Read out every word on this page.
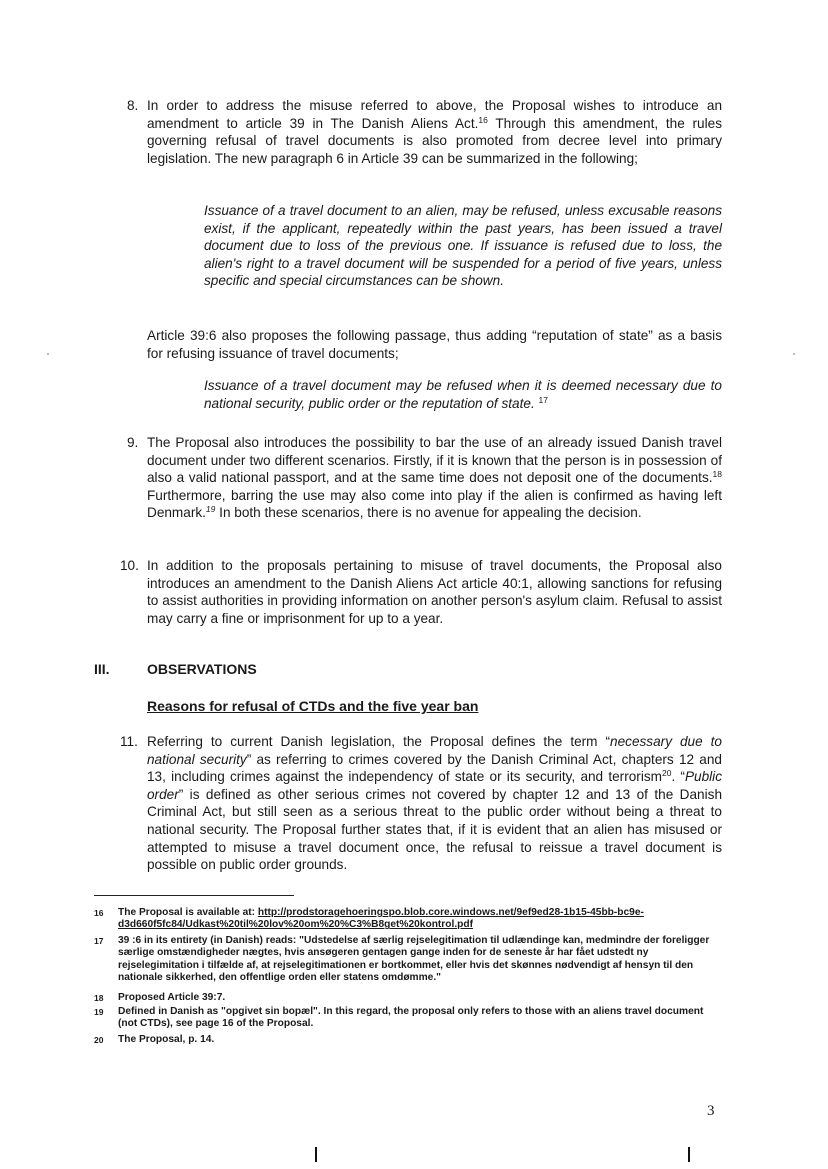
8. In order to address the misuse referred to above, the Proposal wishes to introduce an amendment to article 39 in The Danish Aliens Act.$^{16}$ Through this amendment, the rules governing refusal of travel documents is also promoted from decree level into primary legislation. The new paragraph 6 in Article 39 can be summarized in the following;
Issuance of a travel document to an alien, may be refused, unless excusable reasons exist, if the applicant, repeatedly within the past years, has been issued a travel document due to loss of the previous one. If issuance is refused due to loss, the alien's right to a travel document will be suspended for a period of five years, unless specific and special circumstances can be shown.
Article 39:6 also proposes the following passage, thus adding “reputation of state” as a basis for refusing issuance of travel documents;
Issuance of a travel document may be refused when it is deemed necessary due to national security, public order or the reputation of state. $^{17}$
9. The Proposal also introduces the possibility to bar the use of an already issued Danish travel document under two different scenarios. Firstly, if it is known that the person is in possession of also a valid national passport, and at the same time does not deposit one of the documents.$^{18}$ Furthermore, barring the use may also come into play if the alien is confirmed as having left Denmark.$^{19}$ In both these scenarios, there is no avenue for appealing the decision.
10. In addition to the proposals pertaining to misuse of travel documents, the Proposal also introduces an amendment to the Danish Aliens Act article 40:1, allowing sanctions for refusing to assist authorities in providing information on another person's asylum claim. Refusal to assist may carry a fine or imprisonment for up to a year.
III.	OBSERVATIONS
Reasons for refusal of CTDs and the five year ban
11. Referring to current Danish legislation, the Proposal defines the term “necessary due to national security” as referring to crimes covered by the Danish Criminal Act, chapters 12 and 13, including crimes against the independency of state or its security, and terrorism$^{20}$. “Public order” is defined as other serious crimes not covered by chapter 12 and 13 of the Danish Criminal Act, but still seen as a serious threat to the public order without being a threat to national security. The Proposal further states that, if it is evident that an alien has misused or attempted to misuse a travel document once, the refusal to reissue a travel document is possible on public order grounds.
16 The Proposal is available at: http://prodstoragehoeringspo.blob.core.windows.net/9ef9ed28-1b15-45bb-bc9e-d3d660f5fc84/Udkast%20til%20lov%20om%20%C3%B8get%20kontrol.pdf
17 39 :6 in its entirety (in Danish) reads: "Udstedelse af særlig rejselegitimation til udlændinge kan, medmindre der foreligger særlige omstændigheder nægtes, hvis ansøgeren gentagen gange inden for de seneste år har fået udstedt ny rejselegimitation i tilfælde af, at rejselegitimationen er bortkommet, eller hvis det skønnes nødvendigt af hensyn til den nationale sikkerhed, den offentlige orden eller statens omdømme."
18 Proposed Article 39:7.
19 Defined in Danish as "opgivet sin bopæl". In this regard, the proposal only refers to those with an aliens travel document (not CTDs), see page 16 of the Proposal.
20 The Proposal, p. 14.
3
